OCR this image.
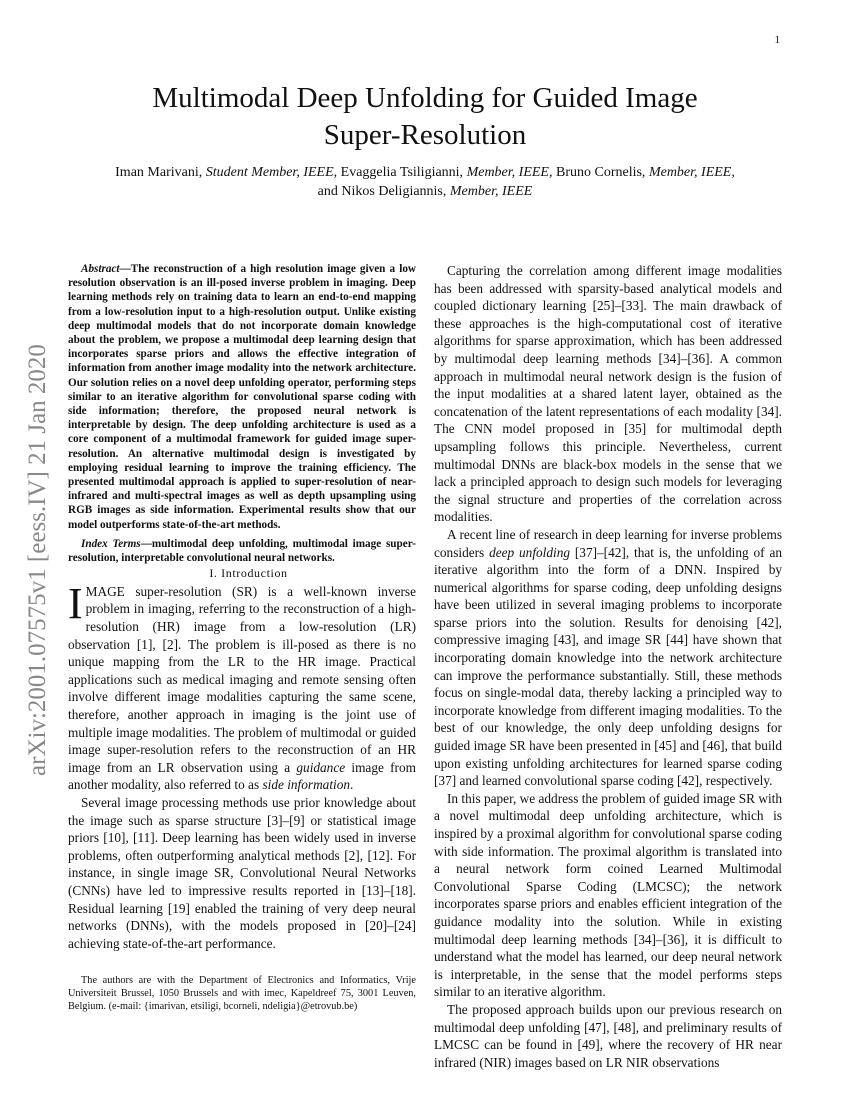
1
arXiv:2001.07575v1 [eess.IV] 21 Jan 2020
Multimodal Deep Unfolding for Guided Image
Super-Resolution
Iman Marivani, Student Member, IEEE, Evaggelia Tsiligianni, Member, IEEE, Bruno Cornelis, Member, IEEE,
and Nikos Deligiannis, Member, IEEE

Abstract—The reconstruction of a high resolution image given a low resolution observation is an ill-posed inverse problem in imaging. Deep learning methods rely on training data to learn an end-to-end mapping from a low-resolution input to a high-resolution output. Unlike existing deep multimodal models that do not incorporate domain knowledge about the problem, we propose a multimodal deep learning design that incorporates sparse priors and allows the effective integration of information from another image modality into the network architecture. Our solution relies on a novel deep unfolding operator, performing steps similar to an iterative algorithm for convolutional sparse coding with side information; therefore, the proposed neural network is interpretable by design. The deep unfolding architecture is used as a core component of a multimodal framework for guided image super-resolution. An alternative multimodal design is investigated by employing residual learning to improve the training efficiency. The presented multimodal approach is applied to super-resolution of near-infrared and multi-spectral images as well as depth upsampling using RGB images as side information. Experimental results show that our model outperforms state-of-the-art methods.

Index Terms—multimodal deep unfolding, multimodal image super-resolution, interpretable convolutional neural networks.

I. Introduction

IMAGE super-resolution (SR) is a well-known inverse problem in imaging, referring to the reconstruction of a high-resolution (HR) image from a low-resolution (LR) observation [1], [2]. The problem is ill-posed as there is no unique mapping from the LR to the HR image. Practical applications such as medical imaging and remote sensing often involve different image modalities capturing the same scene, therefore, another approach in imaging is the joint use of multiple image modalities. The problem of multimodal or guided image super-resolution refers to the reconstruction of an HR image from an LR observation using a guidance image from another modality, also referred to as side information.

Several image processing methods use prior knowledge about the image such as sparse structure [3]–[9] or statistical image priors [10], [11]. Deep learning has been widely used in inverse problems, often outperforming analytical methods [2], [12]. For instance, in single image SR, Convolutional Neural Networks (CNNs) have led to impressive results reported in [13]–[18]. Residual learning [19] enabled the training of very deep neural networks (DNNs), with the models proposed in [20]–[24] achieving state-of-the-art performance.

The authors are with the Department of Electronics and Informatics, Vrije Universiteit Brussel, 1050 Brussels and with imec, Kapeldreef 75, 3001 Leuven, Belgium. (e-mail: {imarivan, etsiligi, bcorneli, ndeligia}@etrovub.be)

Capturing the correlation among different image modalities has been addressed with sparsity-based analytical models and coupled dictionary learning [25]–[33]. The main drawback of these approaches is the high-computational cost of iterative algorithms for sparse approximation, which has been addressed by multimodal deep learning methods [34]–[36]. A common approach in multimodal neural network design is the fusion of the input modalities at a shared latent layer, obtained as the concatenation of the latent representations of each modality [34]. The CNN model proposed in [35] for multimodal depth upsampling follows this principle. Nevertheless, current multimodal DNNs are black-box models in the sense that we lack a principled approach to design such models for leveraging the signal structure and properties of the correlation across modalities.

A recent line of research in deep learning for inverse problems considers deep unfolding [37]–[42], that is, the unfolding of an iterative algorithm into the form of a DNN. Inspired by numerical algorithms for sparse coding, deep unfolding designs have been utilized in several imaging problems to incorporate sparse priors into the solution. Results for denoising [42], compressive imaging [43], and image SR [44] have shown that incorporating domain knowledge into the network architecture can improve the performance substantially. Still, these methods focus on single-modal data, thereby lacking a principled way to incorporate knowledge from different imaging modalities. To the best of our knowledge, the only deep unfolding designs for guided image SR have been presented in [45] and [46], that build upon existing unfolding architectures for learned sparse coding [37] and learned convolutional sparse coding [42], respectively.

In this paper, we address the problem of guided image SR with a novel multimodal deep unfolding architecture, which is inspired by a proximal algorithm for convolutional sparse coding with side information. The proximal algorithm is translated into a neural network form coined Learned Multimodal Convolutional Sparse Coding (LMCSC); the network incorporates sparse priors and enables efficient integration of the guidance modality into the solution. While in existing multimodal deep learning methods [34]–[36], it is difficult to understand what the model has learned, our deep neural network is interpretable, in the sense that the model performs steps similar to an iterative algorithm.

The proposed approach builds upon our previous research on multimodal deep unfolding [47], [48], and preliminary results of LMCSC can be found in [49], where the recovery of HR near infrared (NIR) images based on LR NIR observations
